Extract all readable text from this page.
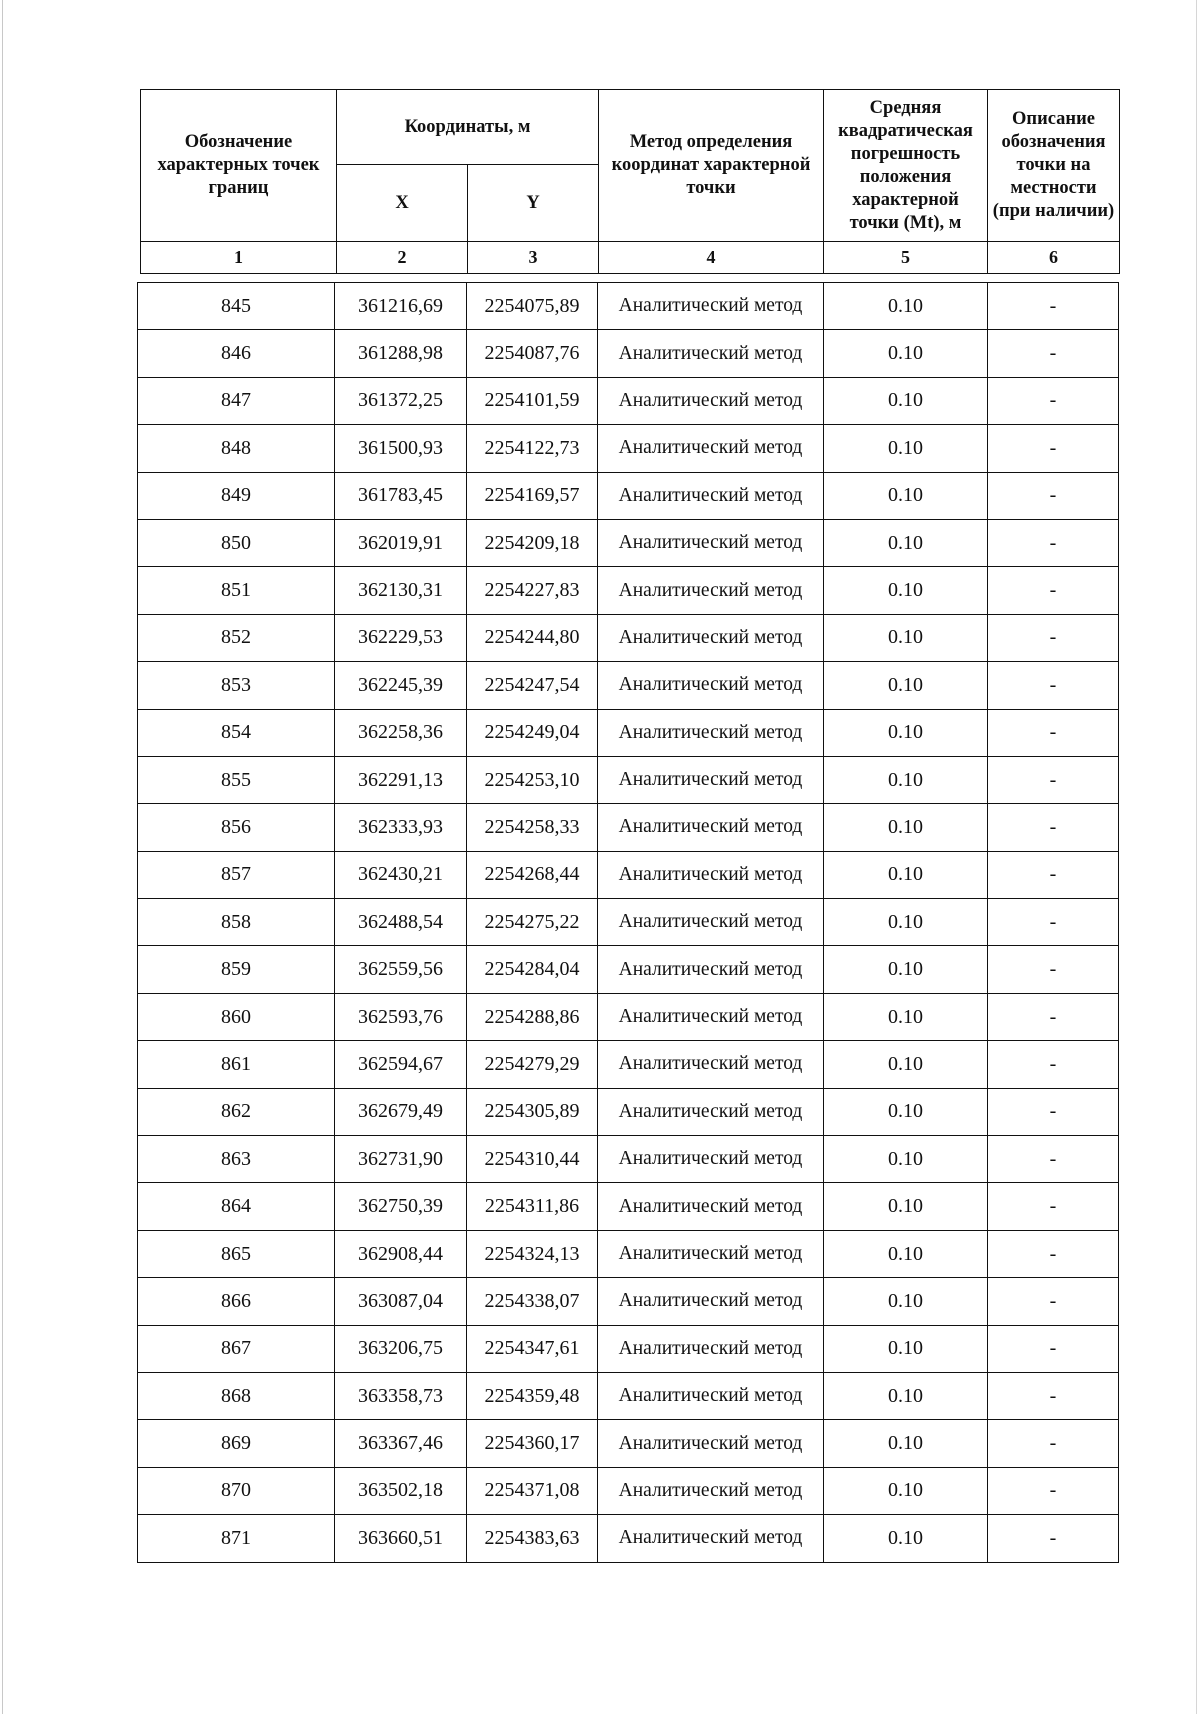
Обозначение характерных точек границ	Координаты, м		Метод определения координат характерной точки	Средняя квадратическая погрешность положения характерной точки (Mt), м	Описание обозначения точки на местности (при наличии)
	X	Y			
1	2	3	4	5	6
845	361216,69	2254075,89	Аналитический метод	0.10	-
846	361288,98	2254087,76	Аналитический метод	0.10	-
847	361372,25	2254101,59	Аналитический метод	0.10	-
848	361500,93	2254122,73	Аналитический метод	0.10	-
849	361783,45	2254169,57	Аналитический метод	0.10	-
850	362019,91	2254209,18	Аналитический метод	0.10	-
851	362130,31	2254227,83	Аналитический метод	0.10	-
852	362229,53	2254244,80	Аналитический метод	0.10	-
853	362245,39	2254247,54	Аналитический метод	0.10	-
854	362258,36	2254249,04	Аналитический метод	0.10	-
855	362291,13	2254253,10	Аналитический метод	0.10	-
856	362333,93	2254258,33	Аналитический метод	0.10	-
857	362430,21	2254268,44	Аналитический метод	0.10	-
858	362488,54	2254275,22	Аналитический метод	0.10	-
859	362559,56	2254284,04	Аналитический метод	0.10	-
860	362593,76	2254288,86	Аналитический метод	0.10	-
861	362594,67	2254279,29	Аналитический метод	0.10	-
862	362679,49	2254305,89	Аналитический метод	0.10	-
863	362731,90	2254310,44	Аналитический метод	0.10	-
864	362750,39	2254311,86	Аналитический метод	0.10	-
865	362908,44	2254324,13	Аналитический метод	0.10	-
866	363087,04	2254338,07	Аналитический метод	0.10	-
867	363206,75	2254347,61	Аналитический метод	0.10	-
868	363358,73	2254359,48	Аналитический метод	0.10	-
869	363367,46	2254360,17	Аналитический метод	0.10	-
870	363502,18	2254371,08	Аналитический метод	0.10	-
871	363660,51	2254383,63	Аналитический метод	0.10	-
